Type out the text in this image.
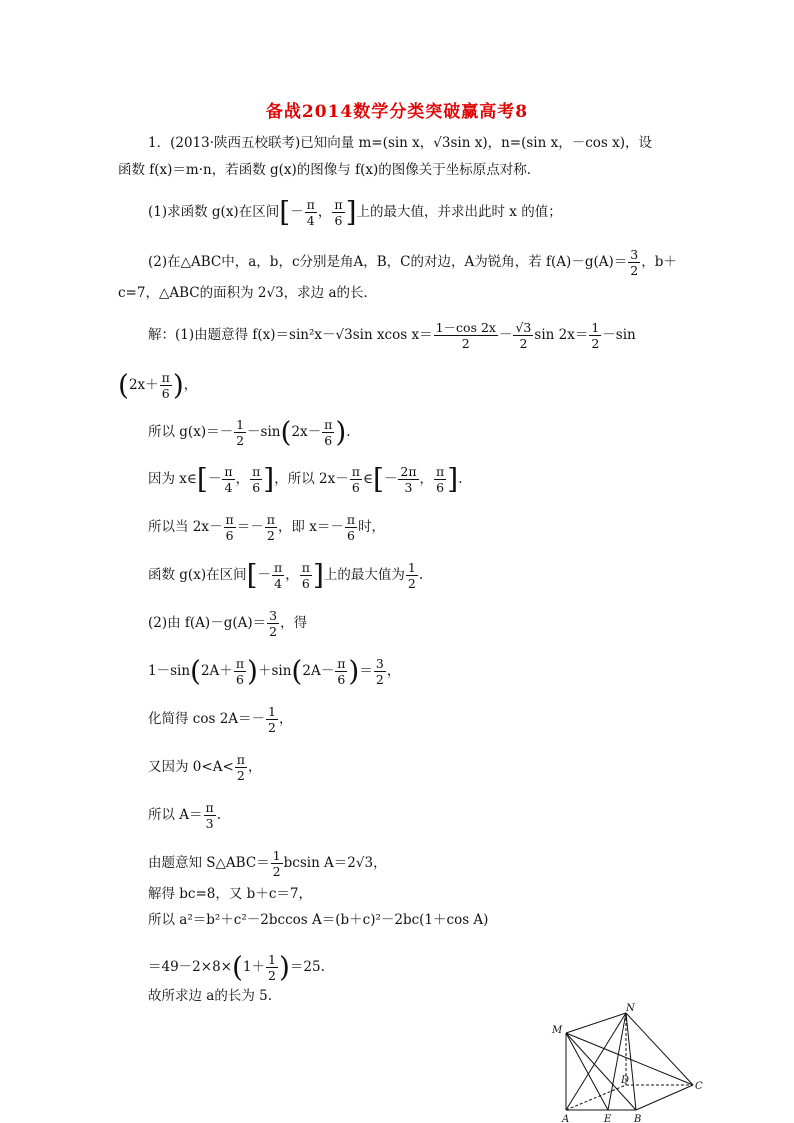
备战2014数学分类突破赢高考8
1．(2013·陕西五校联考)已知向量 m=(sin x，√3sin x)，n=(sin x，－cos x)，设
函数 f(x)＝m·n，若函数 g(x)的图像与 f(x)的图像关于坐标原点对称．
(1)求函数 g(x)在区间[－ $\frac{\pi}{4}$ ， $\frac{\pi}{6}$ ]上的最大值，并求出此时 x 的值；
(2)在△ABC中，a，b，c分别是角A，B，C的对边，A为锐角，若 $f(A)-g(A)= \frac{3}{2}$ ，b＋
c=7，△ABC的面积为 2√3，求边 a的长．
解：(1)由题意得 f(x)＝sin²x－√3sin xcos $x= \frac{1-\cos 2x}{2} - \frac{√3}{2}$ $\sin 2x= \frac{1}{2} -\sin$
($2x+ \frac{\pi}{6}$ )，
所以 $g(x)=- \frac{1}{2} -\sin(2x- \frac{\pi}{6}$ ).
因为 x∈[－ $\frac{\pi}{4}$ ， $\frac{\pi}{6}$ ]，所以 $2x- \frac{\pi}{6}$ ∈[－ $\frac{2\pi}{3}$ ， $\frac{\pi}{6}$ ].
所以当 $2x- \frac{\pi}{6} =- \frac{\pi}{2}$ ，即 $x=- \frac{\pi}{6}$ 时，
函数 g(x)在区间[－ $\frac{\pi}{4}$ ， $\frac{\pi}{6}$ ]上的最大值为 $\frac{1}{2}$ .
(2)由 $f(A)-g(A)= \frac{3}{2}$ ，得
$1-\sin(2A+ \frac{\pi}{6} )+\sin(2A- \frac{\pi}{6}$ )＝ $\frac{3}{2}$ ，
化简得 $\cos 2A=- \frac{1}{2}$ ，
又因为 $0<A< \frac{\pi}{2}$ ，
所以 $A= \frac{\pi}{3}$ .
由题意知 S△ABC＝ $\frac{1}{2}$ bcsin A＝2√3，
解得 bc=8，又 b＋c＝7，
所以 a²＝b²＋c²－2bccos A＝(b＋c)²－2bc(1＋cos A)
$=49-2\times 8\times(1+ \frac{1}{2} )=25$.
故所求边 a的长为 5.
M
N
A	E B
D
C
